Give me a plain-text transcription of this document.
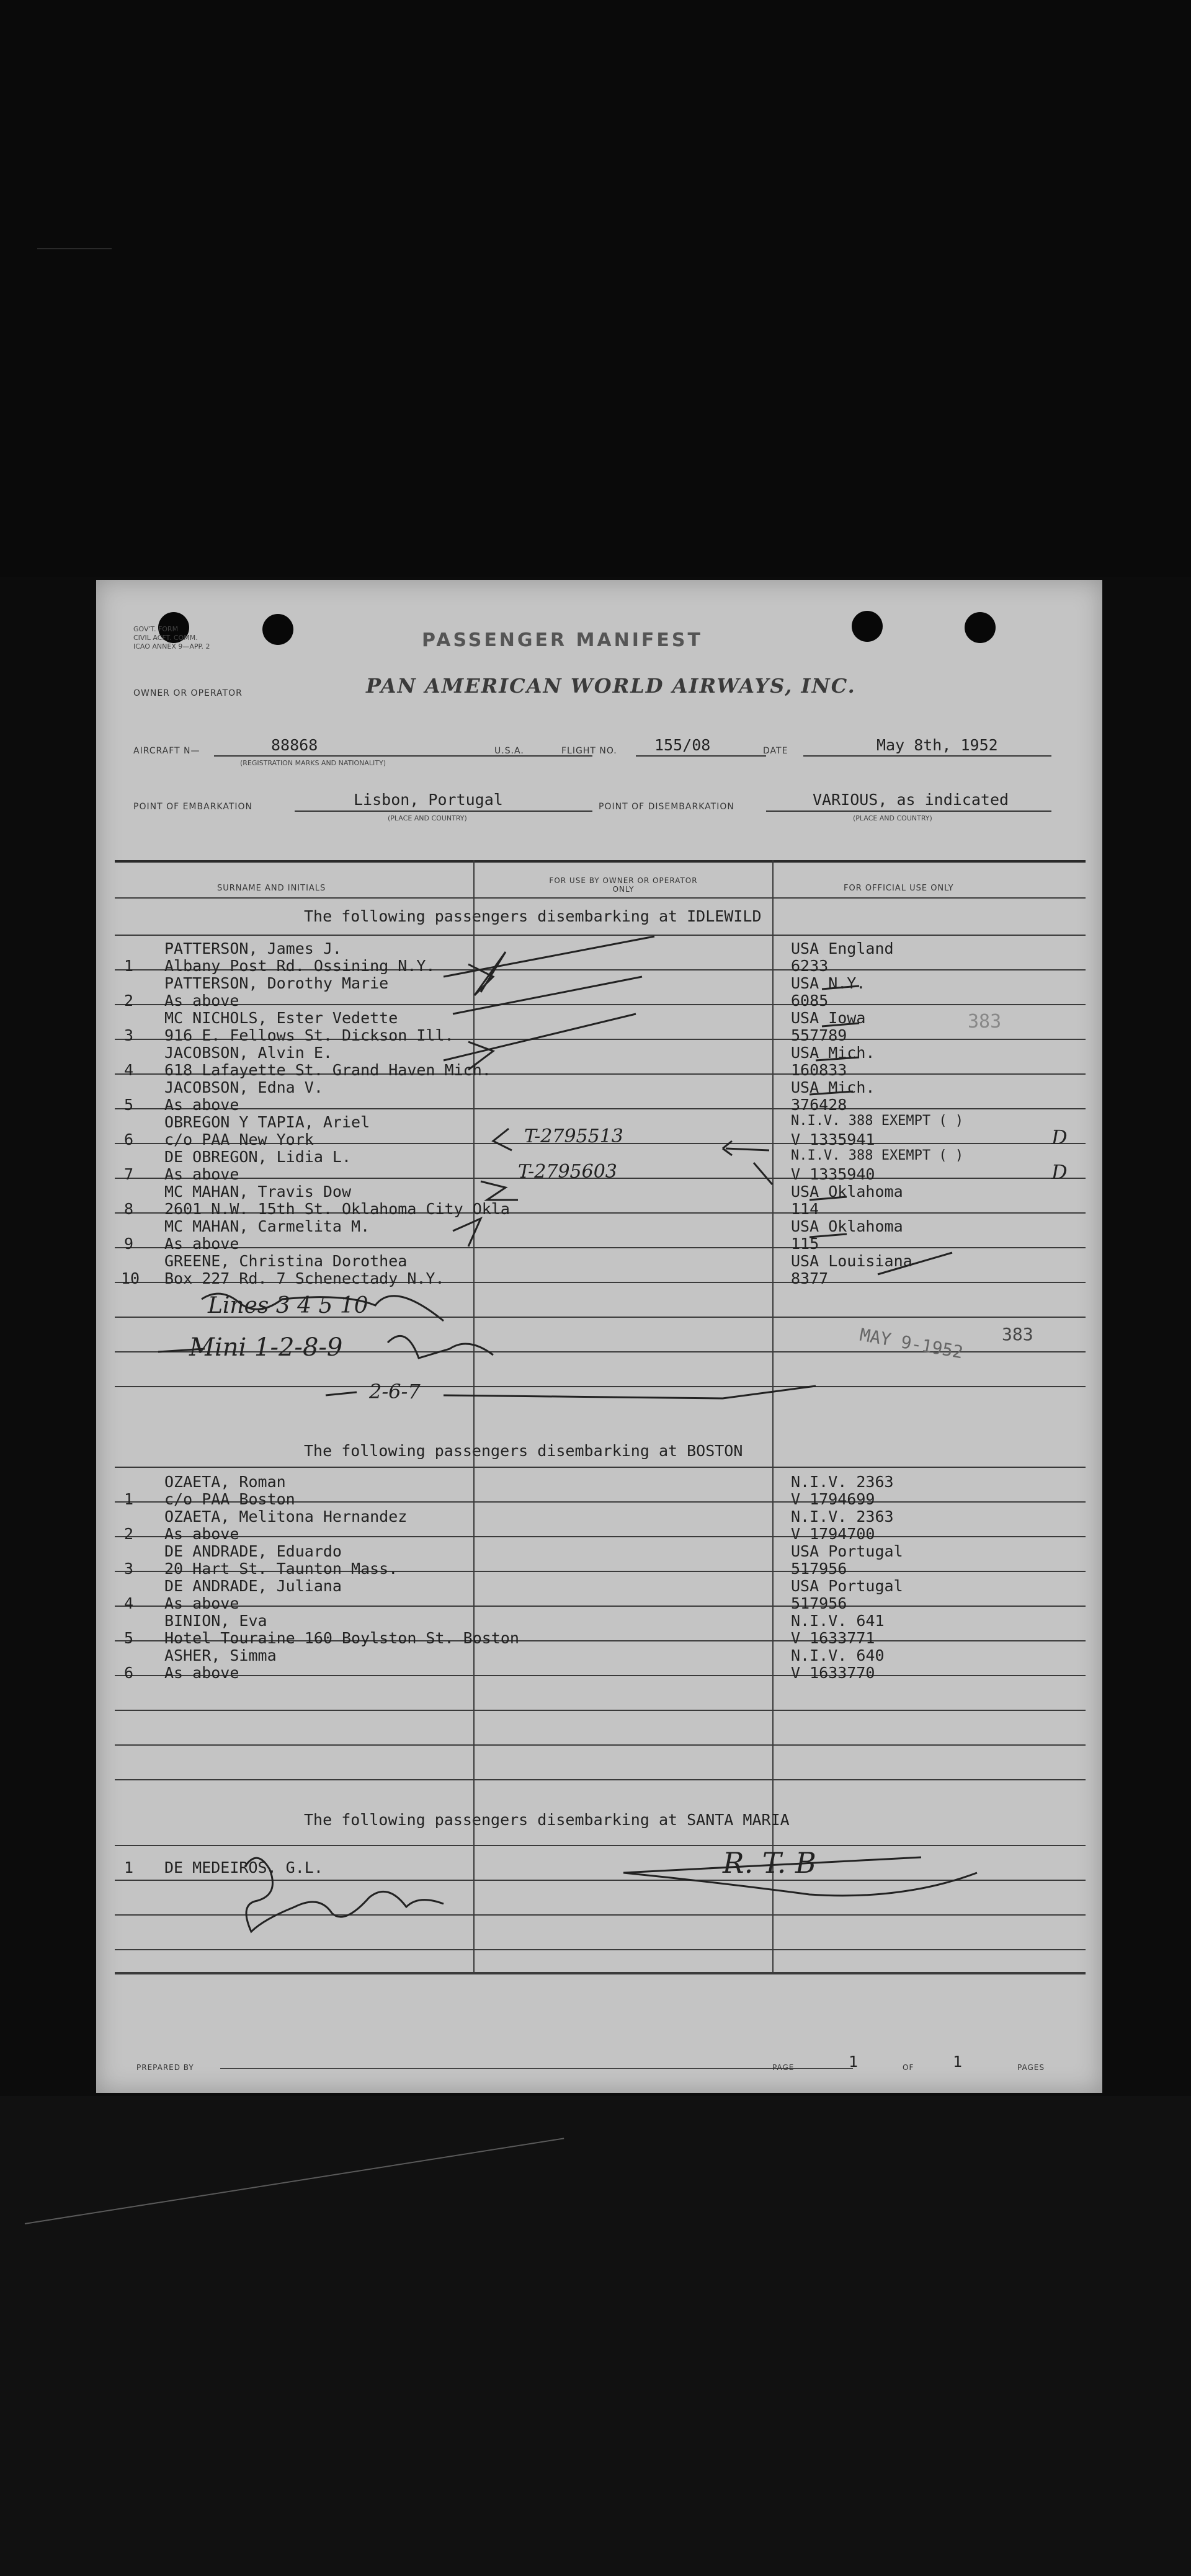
GOV'T. FORM
CIVIL ACFT. COMM.
ICAO ANNEX 9—APP. 2	PASSENGER MANIFEST
OWNER OR OPERATOR	PAN AMERICAN WORLD AIRWAYS, INC.
AIRCRAFT N—	88868
(REGISTRATION MARKS AND NATIONALITY)
U.S.A.	FLIGHT NO. 155/08	DATE	May 8th, 1952
POINT OF EMBARKATION	Lisbon, Portugal
(PLACE AND COUNTRY)
POINT OF DISEMBARKATION	VARIOUS, as indicated
(PLACE AND COUNTRY)
SURNAME AND INITIALS
FOR USE BY OWNER OR OPERATOR ONLY	FOR OFFICIAL USE ONLY
The following passengers disembarking at IDLEWILD
The following passengers disembarking at BOSTON
The following passengers disembarking at SANTA MARIA
PATTERSON, James J.	USA England
1 Albany Post Rd. Ossining N.Y.	6233
PATTERSON, Dorothy Marie	USA N.Y.
2 As above	6085
MC NICHOLS, Ester Vedette	USA Iowa
3 916 E. Fellows St. Dickson Ill.	557789
JACOBSON, Alvin E.	USA Mich.
4 618 Lafayette St. Grand Haven Mich.	160833
JACOBSON, Edna V.	USA Mich.
5 As above	376428
OBREGON Y TAPIA, Ariel	N.I.V. 388 EXEMPT ( )
6 c/o PAA New York	V 1335941
DE OBREGON, Lidia L.	N.I.V. 388 EXEMPT ( )
7 As above	V 1335940
MC MAHAN, Travis Dow	USA Oklahoma
8 2601 N.W. 15th St. Oklahoma City Okla	114
MC MAHAN, Carmelita M.	USA Oklahoma
9 As above	115
GREENE, Christina Dorothea	USA Louisiana
10 Box 227 Rd. 7 Schenectady N.Y.	8377
OZAETA, Roman	N.I.V. 2363
1 c/o PAA Boston	V 1794699
OZAETA, Melitona Hernandez	N.I.V. 2363
2 As above	V 1794700
DE ANDRADE, Eduardo	USA Portugal
3 20 Hart St. Taunton Mass.	517956
DE ANDRADE, Juliana	USA Portugal
4 As above	517956
BINION, Eva	N.I.V. 641
5 Hotel Touraine 160 Boylston St. Boston	V 1633771
ASHER, Simma	N.I.V. 640
6 As above	V 1633770
1 DE MEDEIROS, G.L.
T-2795513
T-2795603
D
D
383
MAY 9-1952 383
Lines 3 4 5 10
Mini 1-2-8-9
2-6-7
R. T. B
PREPARED BY	PAGE	1	OF	1	PAGES
